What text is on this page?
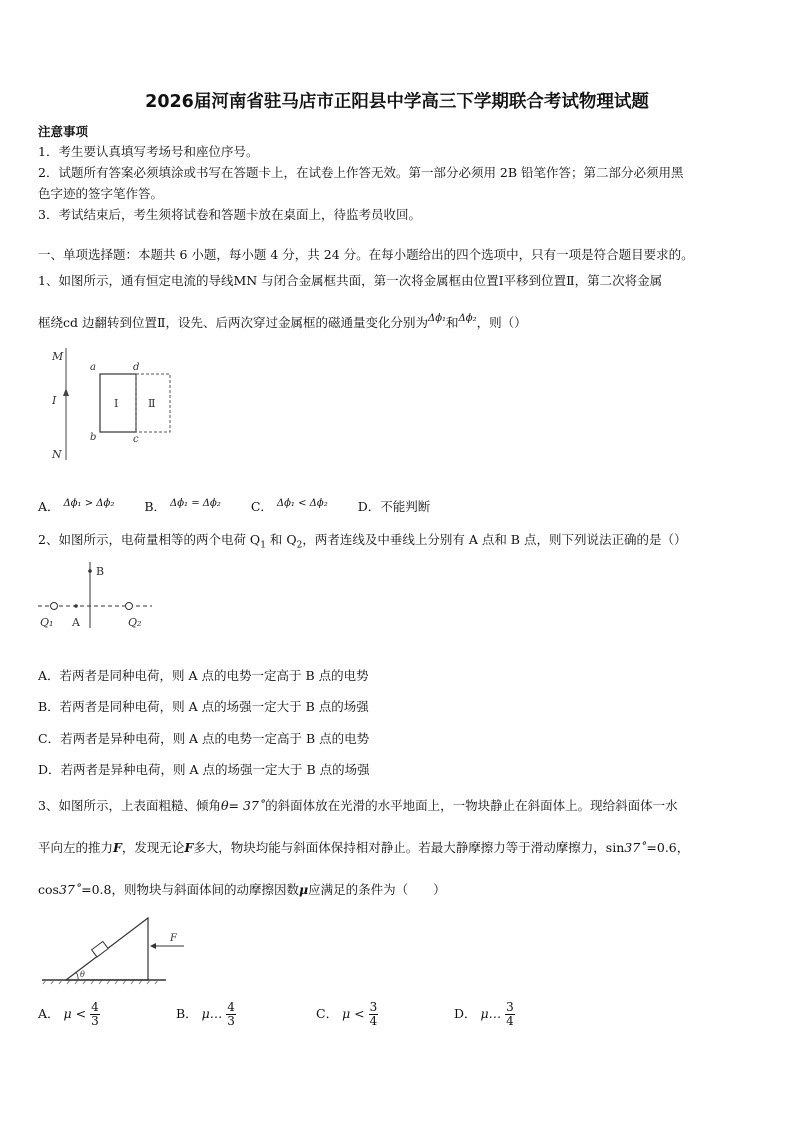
2026届河南省驻马店市正阳县中学高三下学期联合考试物理试题
注意事项
1．考生要认真填写考场号和座位序号。
2．试题所有答案必须填涂或书写在答题卡上，在试卷上作答无效。第一部分必须用 2B 铅笔作答；第二部分必须用黑
色字迹的签字笔作答。
3．考试结束后，考生须将试卷和答题卡放在桌面上，待监考员收回。
一、单项选择题：本题共 6 小题，每小题 4 分，共 24 分。在每小题给出的四个选项中，只有一项是符合题目要求的。
1、如图所示，通有恒定电流的导线MN 与闭合金属框共面，第一次将金属框由位置Ⅰ平移到位置Ⅱ，第二次将金属
框绕cd 边翻转到位置Ⅱ，设先、后两次穿过金属框的磁通量变化分别为$^{\Delta\phi_1}$和$^{\Delta\phi_2}$，则（）
M
I
N
a	d
b	c
Ⅰ	Ⅱ
A． $^{\Delta\phi_1 > \Delta\phi_2}$ B． $^{\Delta\phi_1 = \Delta\phi_2}$ C． $^{\Delta\phi_1 < \Delta\phi_2}$ D．不能判断
2、如图所示，电荷量相等的两个电荷 $Q_1$ 和 $Q_2$，两者连线及中垂线上分别有 A 点和 B 点，则下列说法正确的是（）
B
A
Q₁	Q₂
A．若两者是同种电荷，则 A 点的电势一定高于 B 点的电势
B．若两者是同种电荷，则 A 点的场强一定大于 B 点的场强
C．若两者是异种电荷，则 A 点的电势一定高于 B 点的电势
D．若两者是异种电荷，则 A 点的场强一定大于 B 点的场强
3、如图所示，上表面粗糙、倾角θ= 37˚的斜面体放在光滑的水平地面上，一物块静止在斜面体上。现给斜面体一水
平向左的推力F，发现无论F多大，物块均能与斜面体保持相对静止。若最大静摩擦力等于滑动摩擦力，sin37˚=0.6，
cos37˚=0.8，则物块与斜面体间的动摩擦因数μ应满足的条件为（　　）
F
θ
A． $\mu < \frac{4}{3}$	B． μ… $\frac{4}{3}$	C． $\mu < \frac{3}{4}$	D． μ… $\frac{3}{4}$
